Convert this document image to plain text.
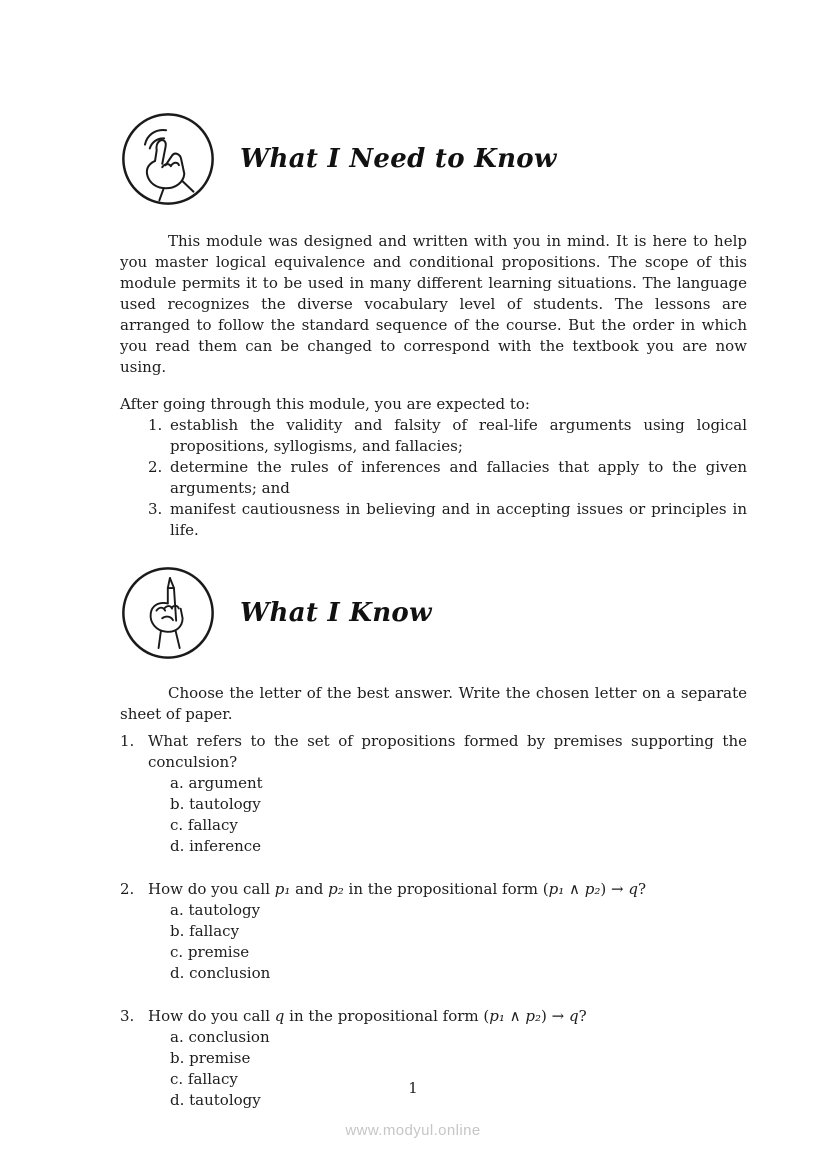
What I Need to Know

This module was designed and written with you in mind. It is here to help you master logical equivalence and conditional propositions. The scope of this module permits it to be used in many different learning situations. The language used recognizes the diverse vocabulary level of students. The lessons are arranged to follow the standard sequence of the course. But the order in which you read them can be changed to correspond with the textbook you are now using.

After going through this module, you are expected to:

1. establish the validity and falsity of real-life arguments using logical propositions, syllogisms, and fallacies;
2. determine the rules of inferences and fallacies that apply to the given arguments; and
3. manifest cautiousness in believing and in accepting issues or principles in life.
What I Know

Choose the letter of the best answer. Write the chosen letter on a separate sheet of paper.

1. What refers to the set of propositions formed by premises supporting the conculsion?
a. argument
b. tautology
c. fallacy
d. inference
2. How do you call p₁ and p₂ in the propositional form (p₁ ∧ p₂) → q?
a. tautology
b. fallacy
c. premise
d. conclusion
3. How do you call q in the propositional form (p₁ ∧ p₂) → q?
a. conclusion
b. premise
c. fallacy
d. tautology
1
www.modyul.online
